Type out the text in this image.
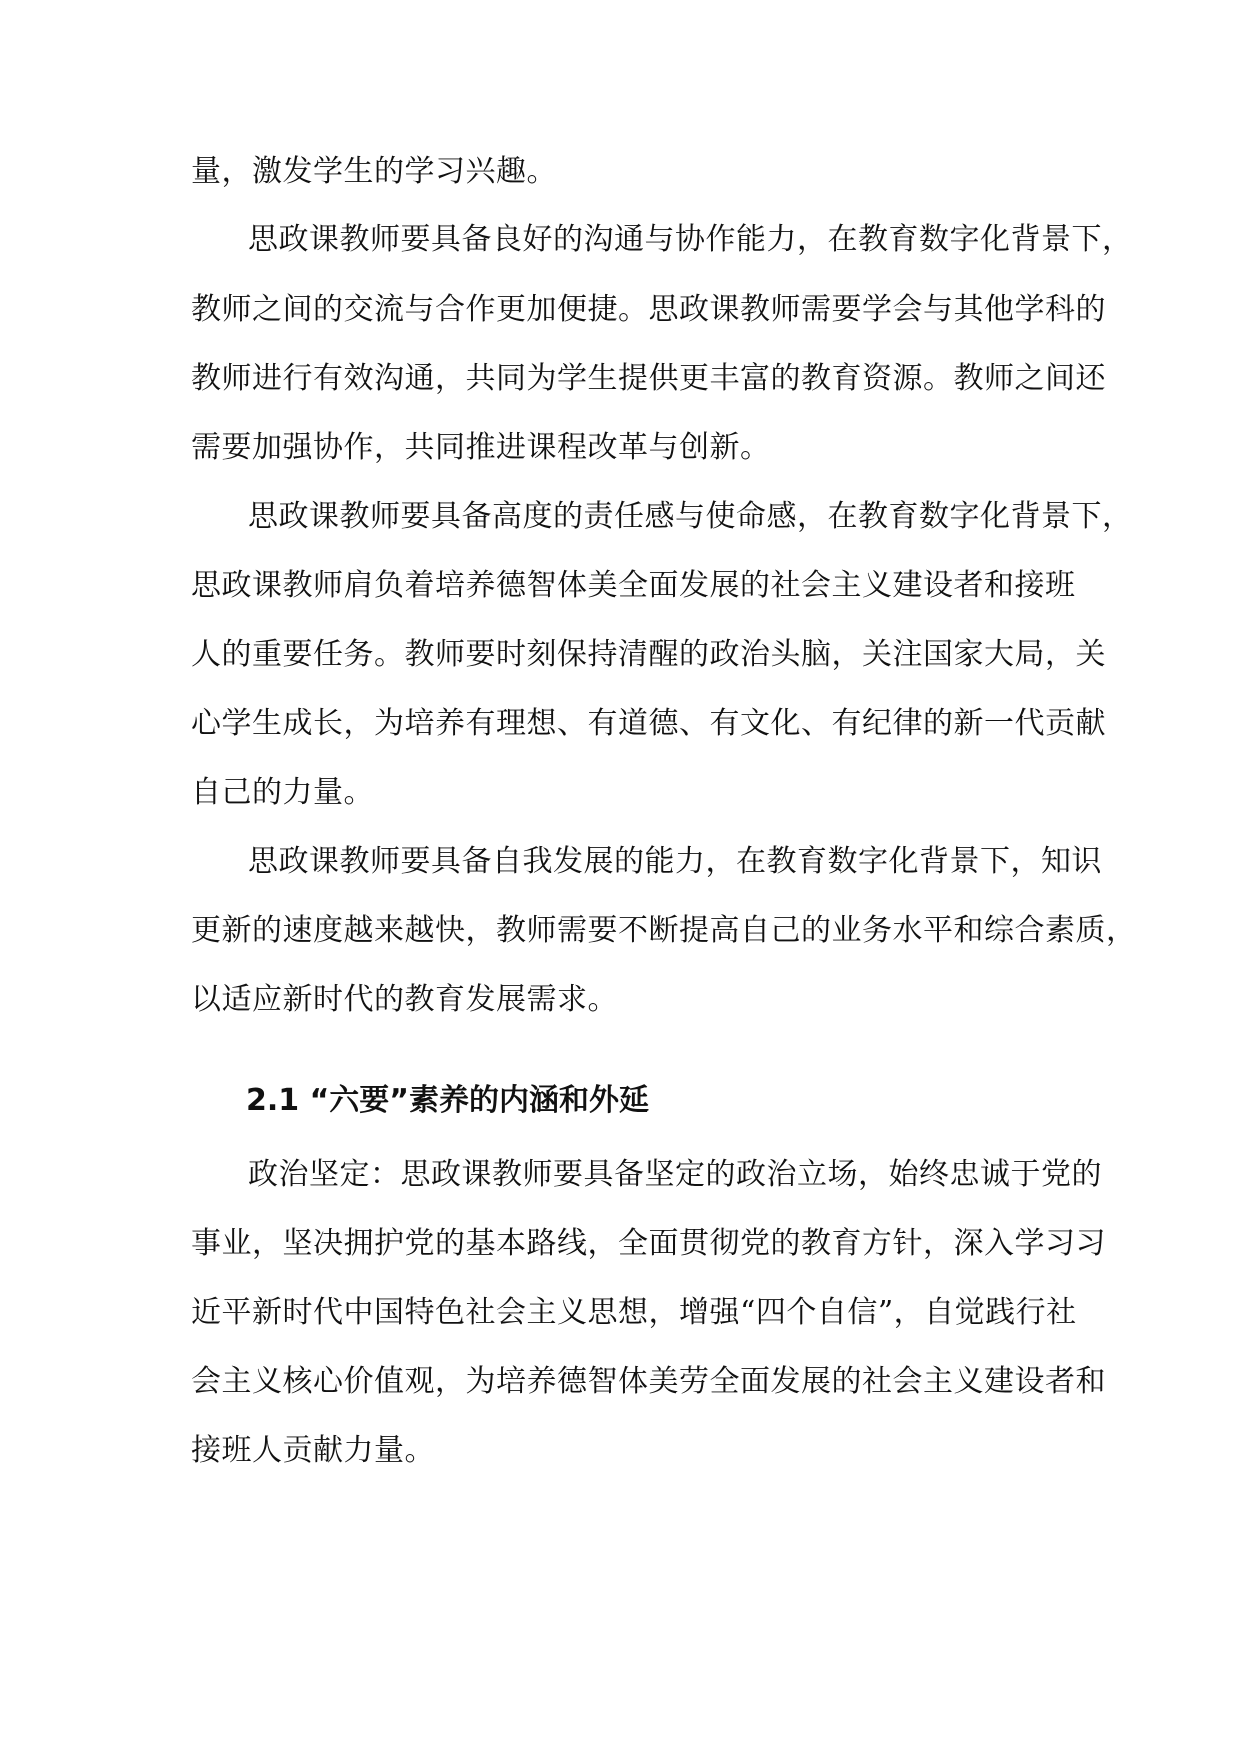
量，激发学生的学习兴趣。
思政课教师要具备良好的沟通与协作能力，在教育数字化背景下，
教师之间的交流与合作更加便捷。思政课教师需要学会与其他学科的
教师进行有效沟通，共同为学生提供更丰富的教育资源。教师之间还
需要加强协作，共同推进课程改革与创新。
思政课教师要具备高度的责任感与使命感，在教育数字化背景下，
思政课教师肩负着培养德智体美全面发展的社会主义建设者和接班
人的重要任务。教师要时刻保持清醒的政治头脑，关注国家大局，关
心学生成长，为培养有理想、有道德、有文化、有纪律的新一代贡献
自己的力量。
思政课教师要具备自我发展的能力，在教育数字化背景下，知识
更新的速度越来越快，教师需要不断提高自己的业务水平和综合素质，
以适应新时代的教育发展需求。
2.1 “六要”素养的内涵和外延
政治坚定：思政课教师要具备坚定的政治立场，始终忠诚于党的
事业，坚决拥护党的基本路线，全面贯彻党的教育方针，深入学习习
近平新时代中国特色社会主义思想，增强“四个自信”，自觉践行社
会主义核心价值观，为培养德智体美劳全面发展的社会主义建设者和
接班人贡献力量。
